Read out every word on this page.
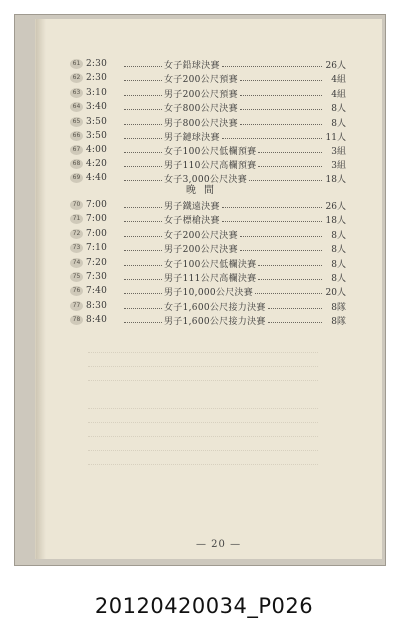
61 2:30	女子鉛球決賽	26人
62 2:30	女子200公尺預賽	4組
63 3:10	男子200公尺預賽	4組
64 3:40	女子800公尺決賽	8人
65 3:50	男子800公尺決賽	8人
66 3:50	男子鏈球決賽	11人
67 4:00	女子100公尺低欄預賽	3組
68 4:20	男子110公尺高欄預賽	3組
69 4:40	女子3,000公尺決賽	18人
晚間
70 7:00	男子鐵遠決賽	26人
71 7:00	女子標槍決賽	18人
72 7:00	女子200公尺決賽	8人
73 7:10	男子200公尺決賽	8人
74 7:20	女子100公尺低欄決賽	8人
75 7:30	男子111公尺高欄決賽	8人
76 7:40	男子10,000公尺決賽	20人
77 8:30	女子1,600公尺接力決賽	8隊
78 8:40	男子1,600公尺接力決賽	8隊
— 20 —
20120420034_P026
